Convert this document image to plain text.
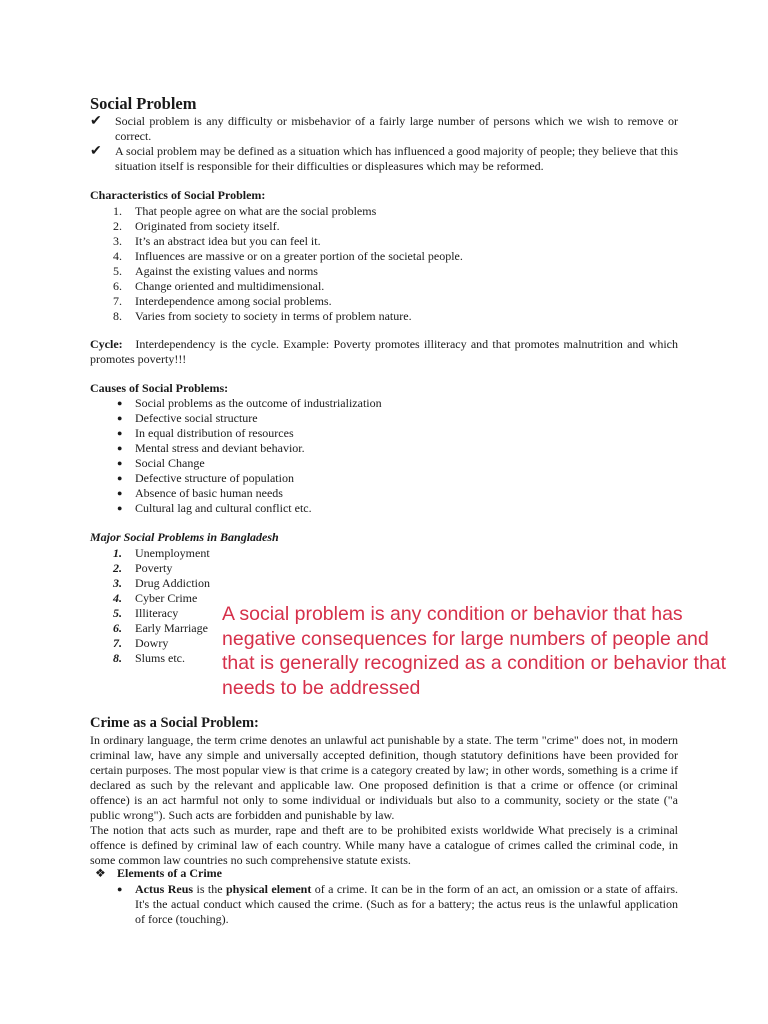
Social Problem
✔	Social problem is any difficulty or misbehavior of a fairly large number of persons which we wish to remove or correct.
✔	A social problem may be defined as a situation which has influenced a good majority of people; they believe that this situation itself is responsible for their difficulties or displeasures which may be reformed.
Characteristics of Social Problem:
1.	That people agree on what are the social problems
2.	Originated from society itself.
3.	It’s an abstract idea but you can feel it.
4.	Influences are massive or on a greater portion of the societal people.
5.	Against the existing values and norms
6.	Change oriented and multidimensional.
7.	Interdependence among social problems.
8.	Varies from society to society in terms of problem nature.
Cycle: Interdependency is the cycle. Example: Poverty promotes illiteracy and that promotes malnutrition and which promotes poverty!!!
Causes of Social Problems:
●	Social problems as the outcome of industrialization
●	Defective social structure
●	In equal distribution of resources
●	Mental stress and deviant behavior.
●	Social Change
●	Defective structure of population
●	Absence of basic human needs
●	Cultural lag and cultural conflict etc.
Major Social Problems in Bangladesh
1.	Unemployment
2.	Poverty
3.	Drug Addiction
4.	Cyber Crime
5.	Illiteracy
6.	Early Marriage
7.	Dowry
8.	Slums etc.
A social problem is any condition or behavior that has negative consequences for large numbers of people and that is generally recognized as a condition or behavior that needs to be addressed
Crime as a Social Problem:
In ordinary language, the term crime denotes an unlawful act punishable by a state. The term "crime" does not, in modern criminal law, have any simple and universally accepted definition, though statutory definitions have been provided for certain purposes. The most popular view is that crime is a category created by law; in other words, something is a crime if declared as such by the relevant and applicable law. One proposed definition is that a crime or offence (or criminal offence) is an act harmful not only to some individual or individuals but also to a community, society or the state ("a public wrong"). Such acts are forbidden and punishable by law.
The notion that acts such as murder, rape and theft are to be prohibited exists worldwide What precisely is a criminal offence is defined by criminal law of each country. While many have a catalogue of crimes called the criminal code, in some common law countries no such comprehensive statute exists.
❖ Elements of a Crime
●	Actus Reus is the physical element of a crime. It can be in the form of an act, an omission or a state of affairs. It's the actual conduct which caused the crime. (Such as for a battery; the actus reus is the unlawful application of force (touching).
